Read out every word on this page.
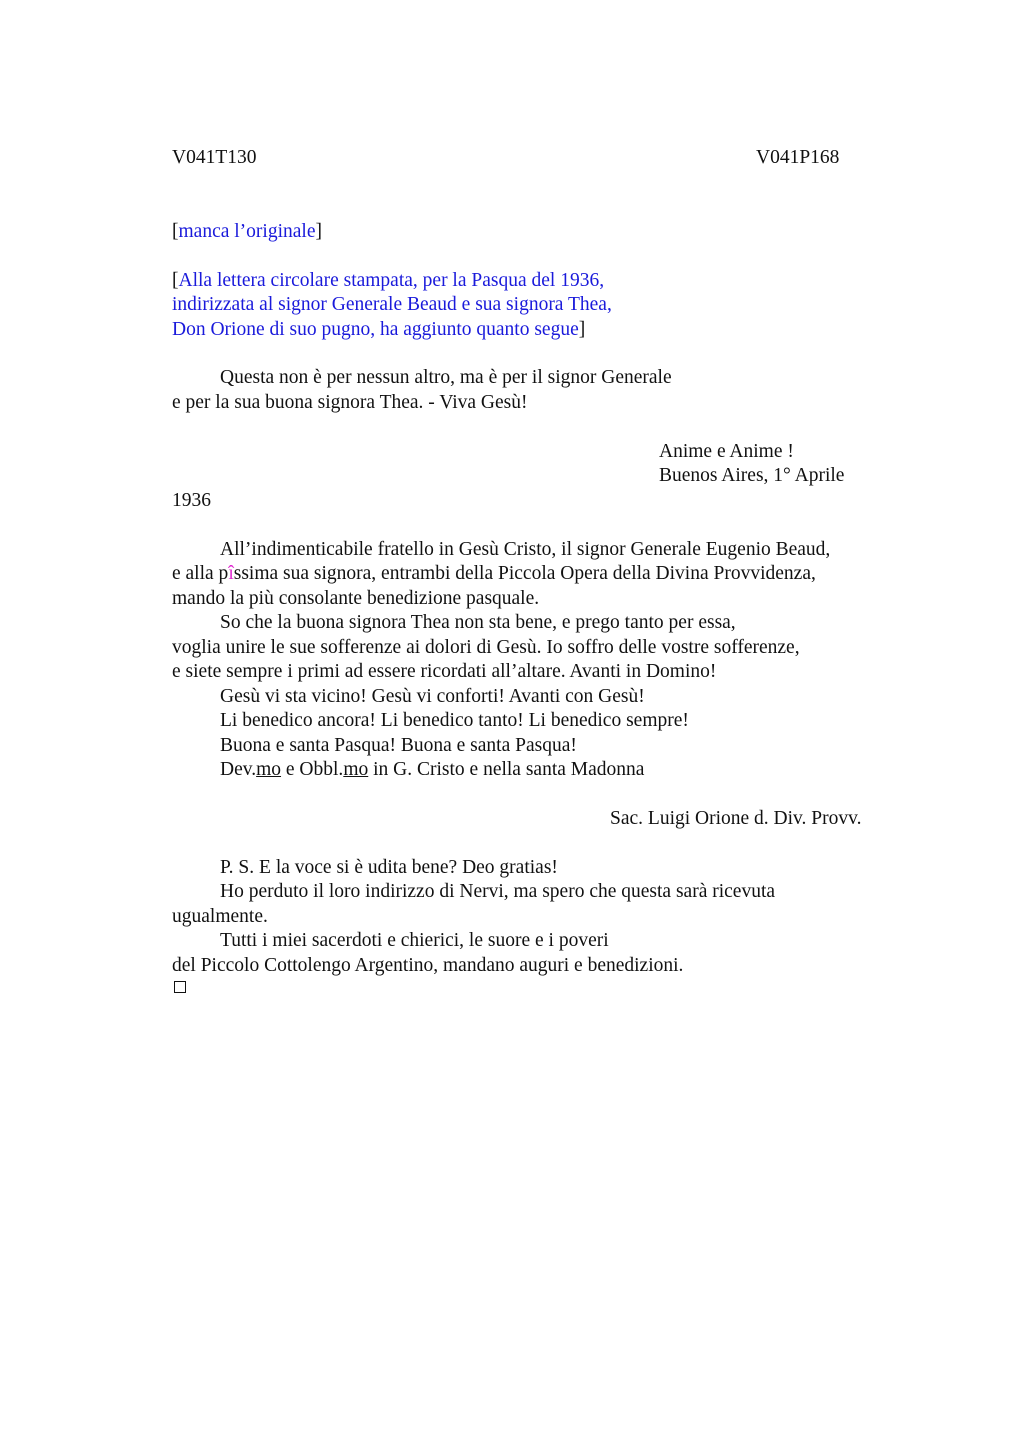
V041T130	V041P168
[manca l’originale]
[Alla lettera circolare stampata, per la Pasqua del 1936,
indirizzata al signor Generale Beaud e sua signora Thea,
Don Orione di suo pugno, ha aggiunto quanto segue]
Questa non è per nessun altro, ma è per il signor Generale
e per la sua buona signora Thea. - Viva Gesù!
Anime e Anime !
Buenos Aires, 1° Aprile
1936
All’indimenticabile fratello in Gesù Cristo, il signor Generale Eugenio Beaud,
e alla pîssima sua signora, entrambi della Piccola Opera della Divina Provvidenza,
mando la più consolante benedizione pasquale.
So che la buona signora Thea non sta bene, e prego tanto per essa,
voglia unire le sue sofferenze ai dolori di Gesù. Io soffro delle vostre sofferenze,
e siete sempre i primi ad essere ricordati all’altare. Avanti in Domino!
Gesù vi sta vicino! Gesù vi conforti! Avanti con Gesù!
Li benedico ancora! Li benedico tanto! Li benedico sempre!
Buona e santa Pasqua! Buona e santa Pasqua!
Dev.mo e Obbl.mo in G. Cristo e nella santa Madonna
Sac. Luigi Orione d. Div. Provv.
P. S. E la voce si è udita bene? Deo gratias!
Ho perduto il loro indirizzo di Nervi, ma spero che questa sarà ricevuta
ugualmente.
Tutti i miei sacerdoti e chierici, le suore e i poveri
del Piccolo Cottolengo Argentino, mandano auguri e benedizioni.
